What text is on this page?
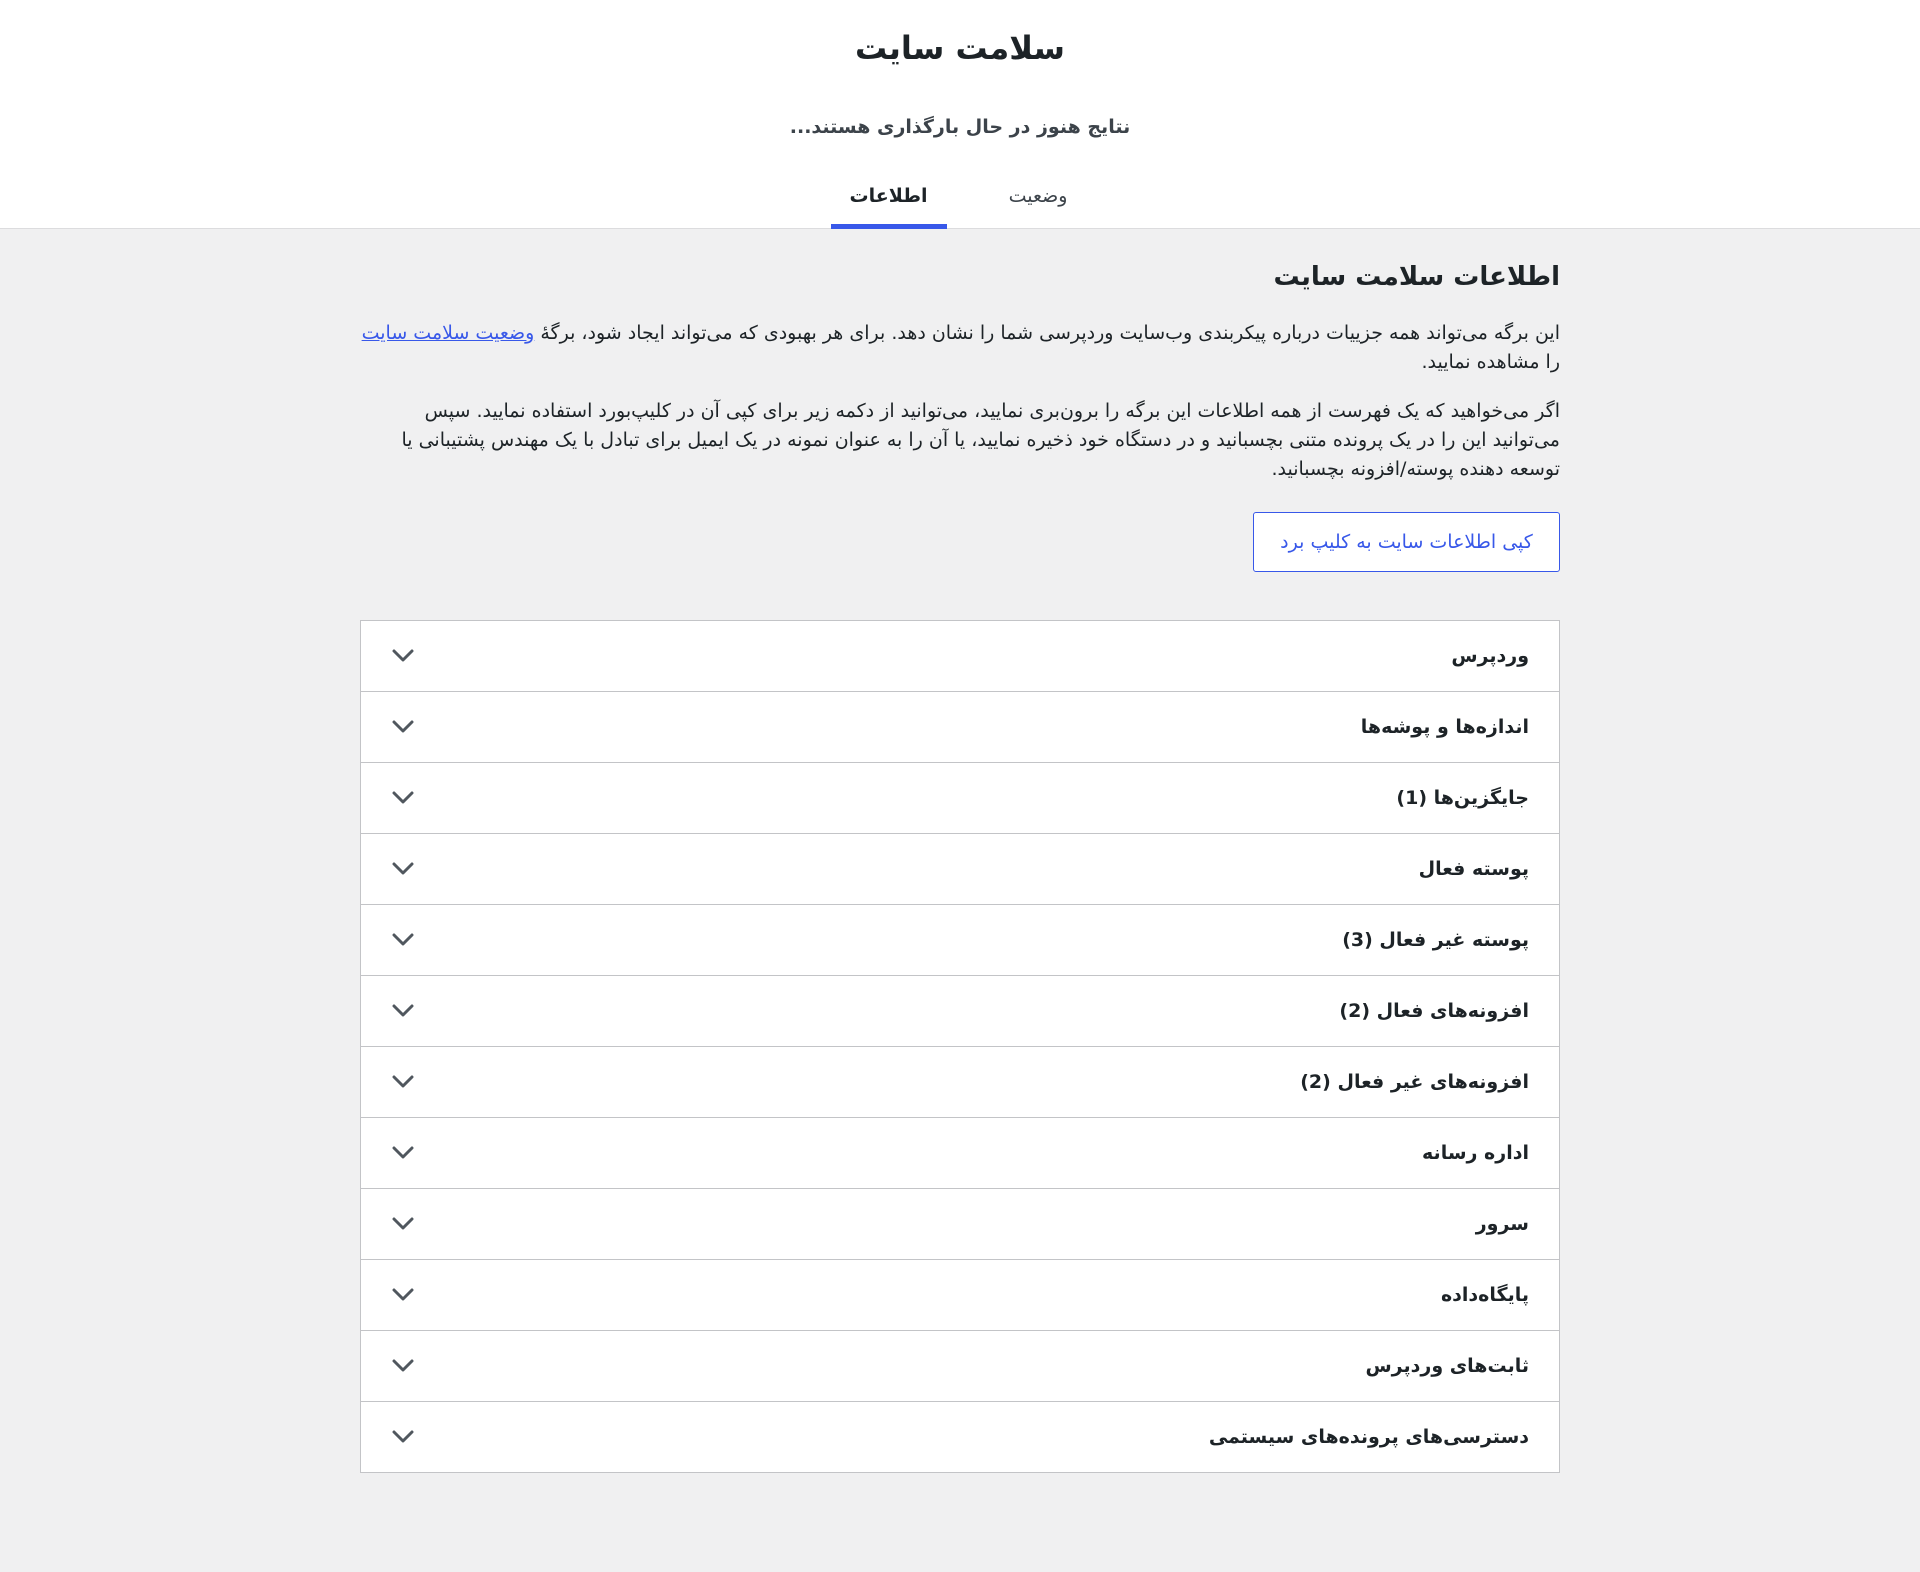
سلامت سایت
نتایج هنوز در حال بارگذاری هستند...
وضعیت
اطلاعات
اطلاعات سلامت سایت

این برگه می‌تواند همه جزییات درباره پیکربندی وب‌سایت وردپرسی شما را نشان دهد. برای هر بهبودی که می‌تواند ایجاد شود، برگهٔ وضعیت سلامت سایت را مشاهده نمایید.

اگر می‌خواهید که یک فهرست از همه اطلاعات این برگه را برون‌بری نمایید، می‌توانید از دکمه زیر برای کپی آن در کلیپ‌بورد استفاده نمایید. سپس می‌توانید این را در یک پرونده متنی بچسبانید و در دستگاه خود ذخیره نمایید، یا آن را به عنوان نمونه در یک ایمیل برای تبادل با یک مهندس پشتیبانی یا توسعه دهنده پوسته/افزونه بچسبانید.

کپی اطلاعات سایت به کلیپ برد
وردپرس
اندازه‌ها و پوشه‌ها
جایگزین‌ها (1)
پوسته فعال
پوسته غیر فعال (3)
افزونه‌های فعال (2)
افزونه‌های غیر فعال (2)
اداره رسانه
سرور
پایگاه‌داده
ثابت‌های وردپرس
دسترسی‌های پرونده‌های سیستمی
